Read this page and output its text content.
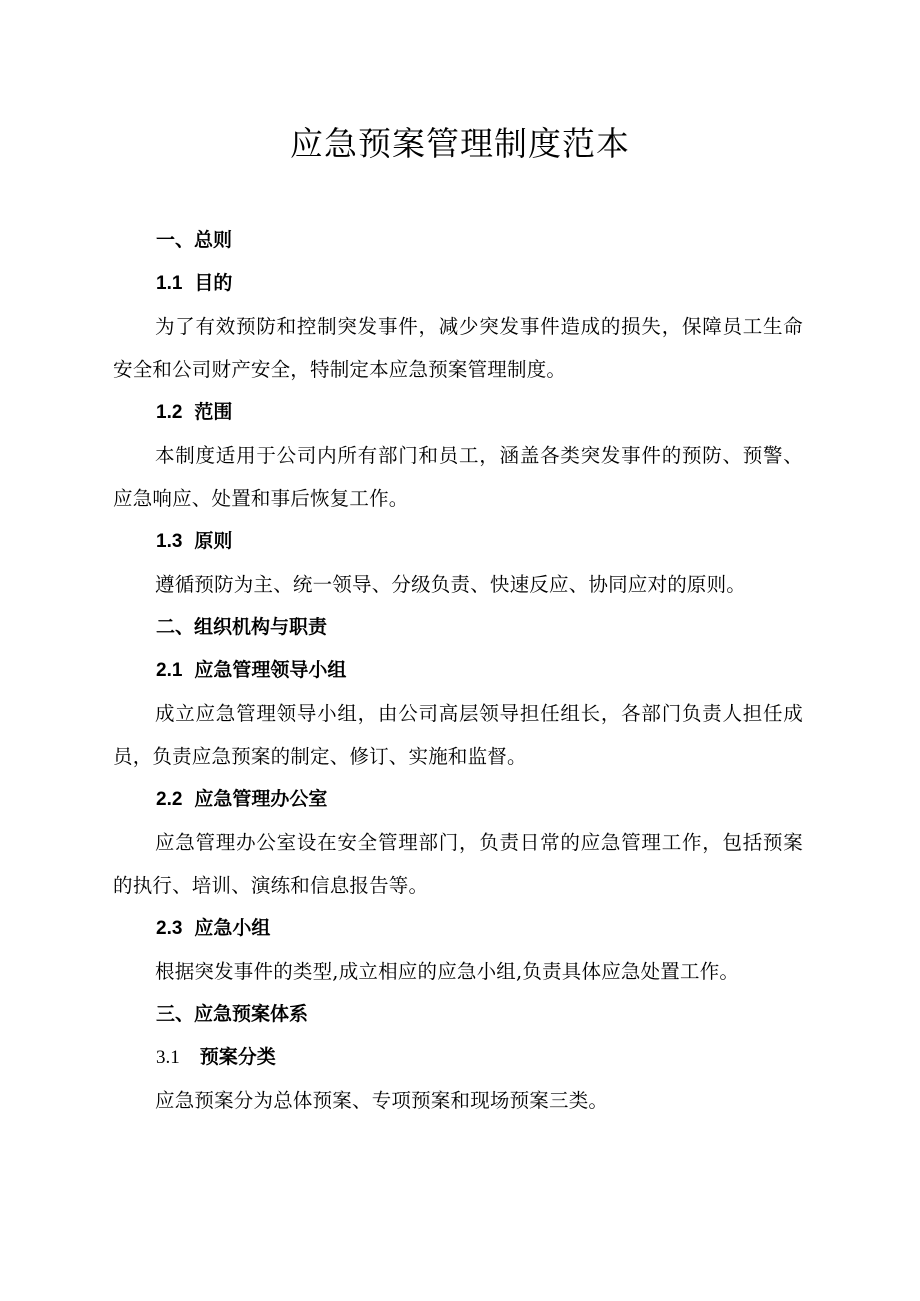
应急预案管理制度范本
一、总则
1.1 目的
为了有效预防和控制突发事件，减少突发事件造成的损失，保障员工生命安全和公司财产安全，特制定本应急预案管理制度。
1.2 范围
本制度适用于公司内所有部门和员工，涵盖各类突发事件的预防、预警、应急响应、处置和事后恢复工作。
1.3 原则
遵循预防为主、统一领导、分级负责、快速反应、协同应对的原则。
二、组织机构与职责
2.1 应急管理领导小组
成立应急管理领导小组，由公司高层领导担任组长，各部门负责人担任成员，负责应急预案的制定、修订、实施和监督。
2.2 应急管理办公室
应急管理办公室设在安全管理部门，负责日常的应急管理工作，包括预案的执行、培训、演练和信息报告等。
2.3 应急小组
根据突发事件的类型,成立相应的应急小组,负责具体应急处置工作。
三、应急预案体系
3.1 预案分类
应急预案分为总体预案、专项预案和现场预案三类。
